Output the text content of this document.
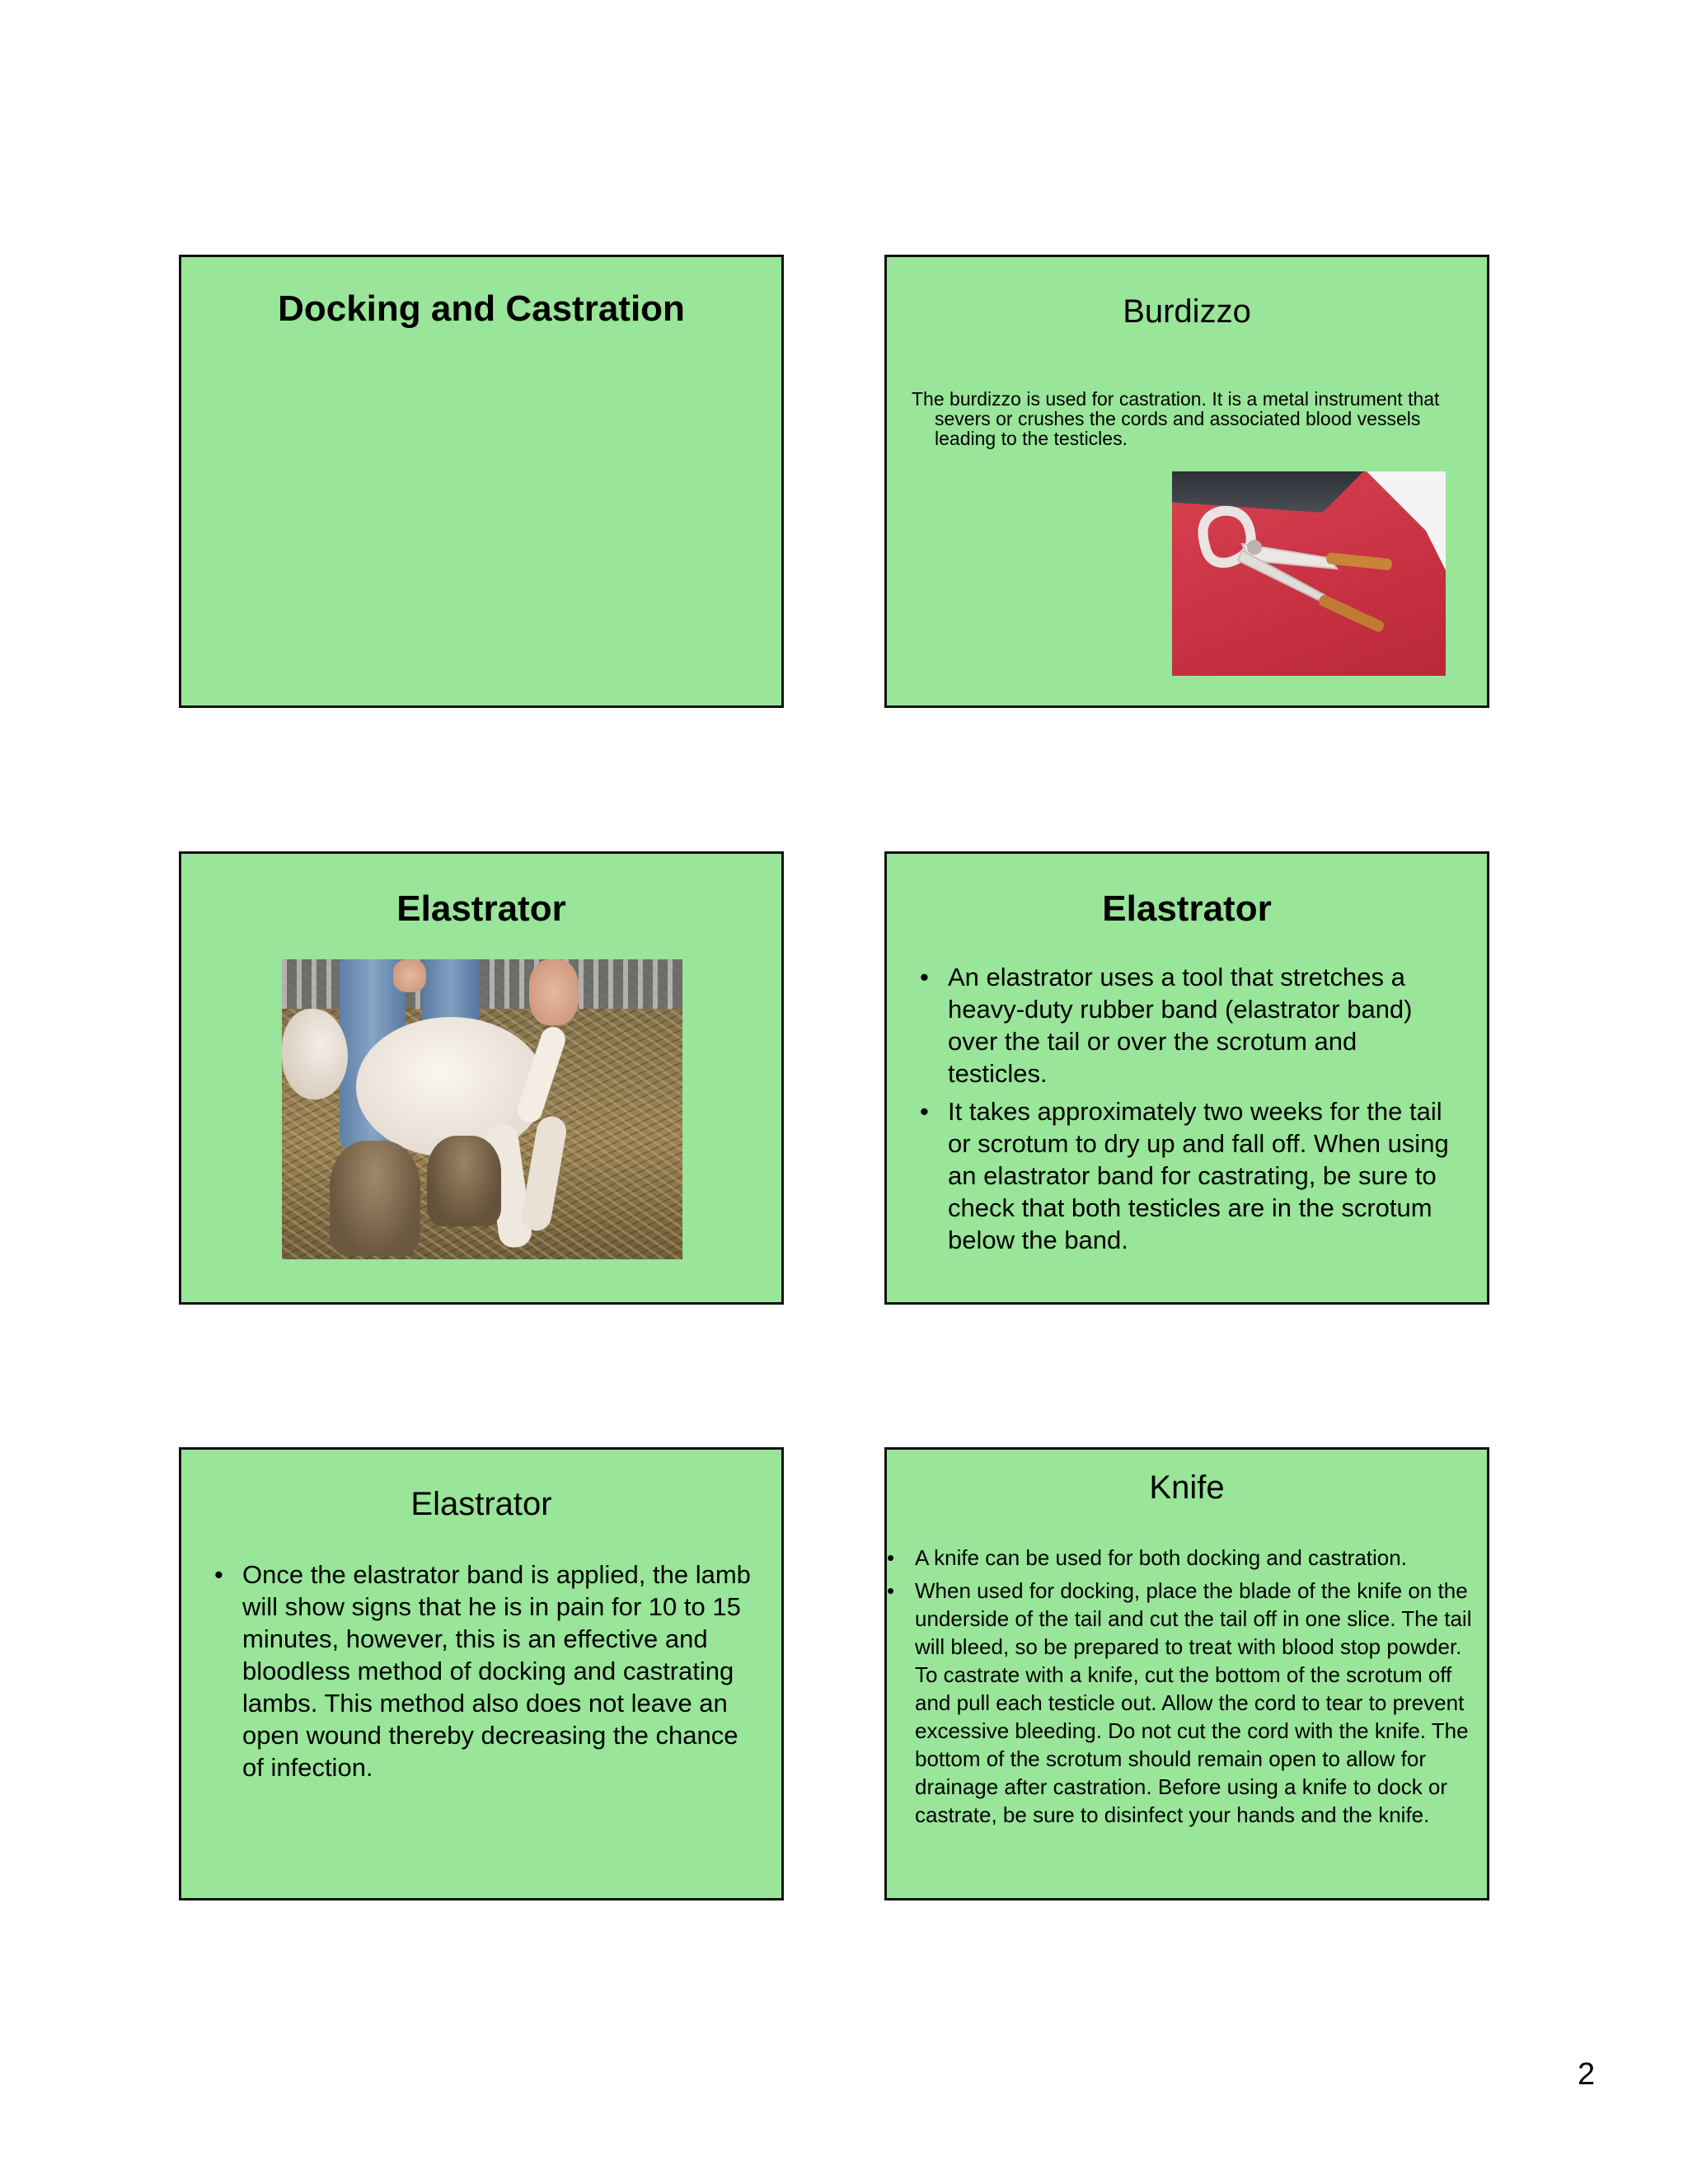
Docking and Castration	Burdizzo
The burdizzo is used for castration. It is a metal instrument that severs or crushes the cords and associated blood vessels leading to the testicles.
Elastrator	Elastrator
• An elastrator uses a tool that stretches a heavy-duty rubber band (elastrator band) over the tail or over the scrotum and testicles.
• It takes approximately two weeks for the tail or scrotum to dry up and fall off. When using an elastrator band for castrating, be sure to check that both testicles are in the scrotum below the band.
Elastrator
• Once the elastrator band is applied, the lamb will show signs that he is in pain for 10 to 15 minutes, however, this is an effective and bloodless method of docking and castrating lambs. This method also does not leave an open wound thereby decreasing the chance of infection.
Knife
• A knife can be used for both docking and castration.
• When used for docking, place the blade of the knife on the underside of the tail and cut the tail off in one slice. The tail will bleed, so be prepared to treat with blood stop powder. To castrate with a knife, cut the bottom of the scrotum off and pull each testicle out. Allow the cord to tear to prevent excessive bleeding. Do not cut the cord with the knife. The bottom of the scrotum should remain open to allow for drainage after castration. Before using a knife to dock or castrate, be sure to disinfect your hands and the knife.
2
